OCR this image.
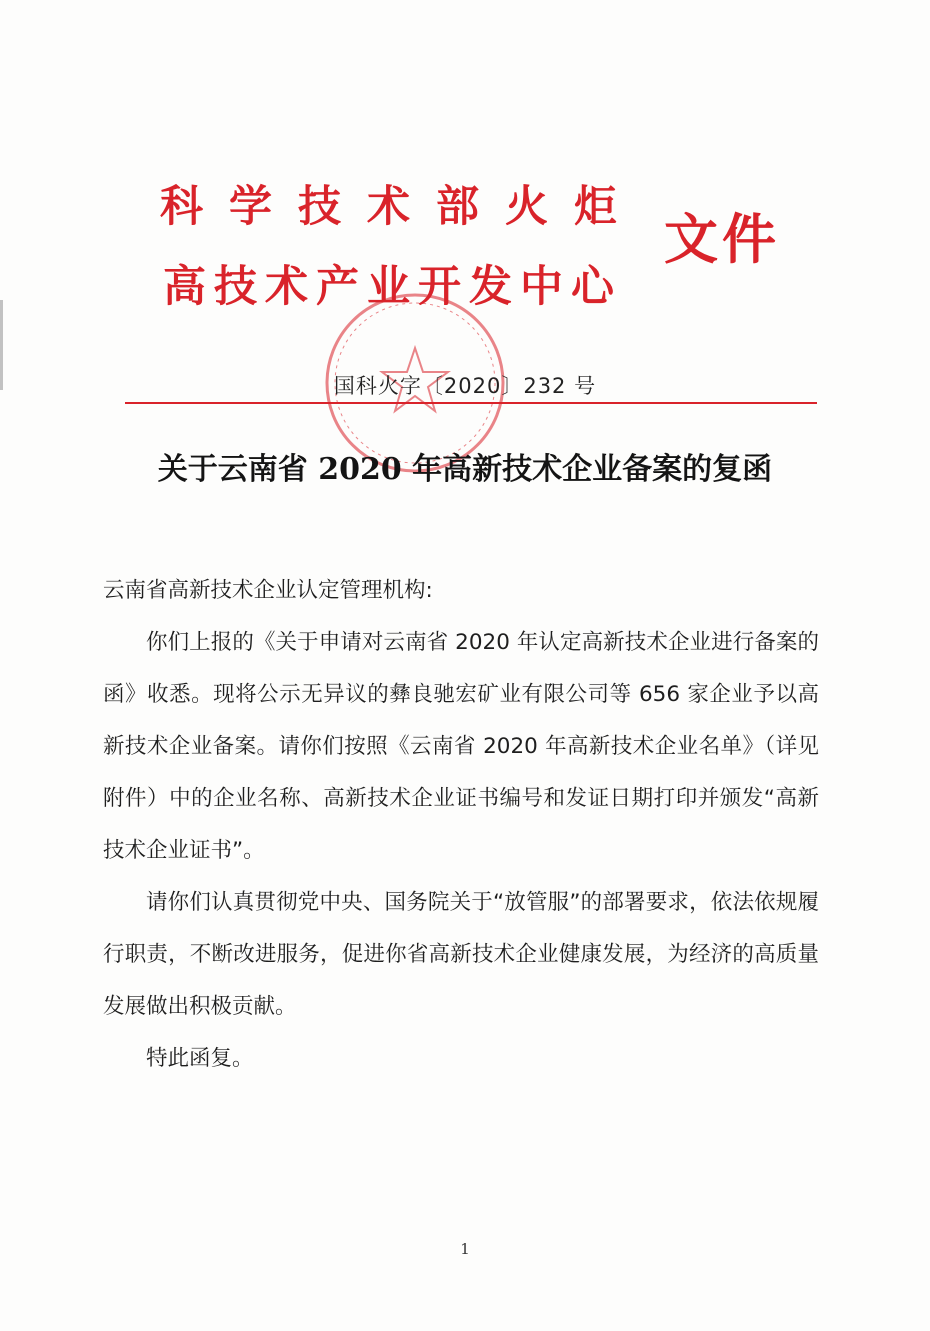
科学技术部火炬
高技术产业开发中心
文件
国科火字〔2020〕232 号
关于云南省 2020 年高新技术企业备案的复函
云南省高新技术企业认定管理机构:

你们上报的《关于申请对云南省 2020 年认定高新技术企业进行备案的函》收悉。现将公示无异议的彝良驰宏矿业有限公司等 656 家企业予以高新技术企业备案。请你们按照《云南省 2020 年高新技术企业名单》（详见附件）中的企业名称、高新技术企业证书编号和发证日期打印并颁发“高新技术企业证书”。

请你们认真贯彻党中央、国务院关于“放管服”的部署要求，依法依规履行职责，不断改进服务，促进你省高新技术企业健康发展，为经济的高质量发展做出积极贡献。

特此函复。

1
